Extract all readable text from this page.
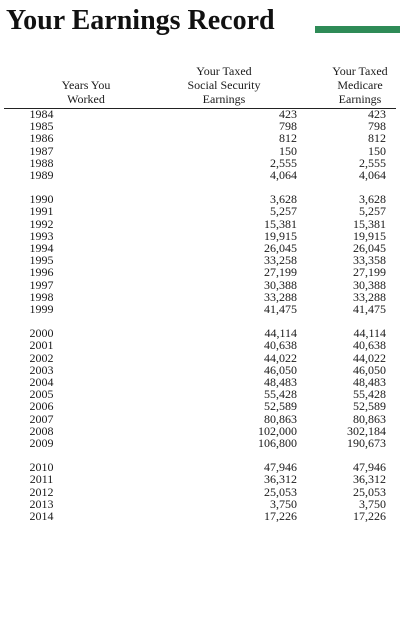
Your Earnings Record
Years You
Worked
Your Taxed
Social Security
Earnings
Your Taxed
Medicare
Earnings
1984	423	423
1985	798	798
1986	812	812
1987	150	150
1988	2,555	2,555
1989	4,064	4,064

1990	3,628	3,628
1991	5,257	5,257
1992	15,381	15,381
1993	19,915	19,915
1994	26,045	26,045
1995	33,258	33,358
1996	27,199	27,199
1997	30,388	30,388
1998	33,288	33,288
1999	41,475	41,475

2000	44,114	44,114
2001	40,638	40,638
2002	44,022	44,022
2003	46,050	46,050
2004	48,483	48,483
2005	55,428	55,428
2006	52,589	52,589
2007	80,863	80,863
2008	102,000	302,184
2009	106,800	190,673

2010	47,946	47,946
2011	36,312	36,312
2012	25,053	25,053
2013	3,750	3,750
2014	17,226	17,226
